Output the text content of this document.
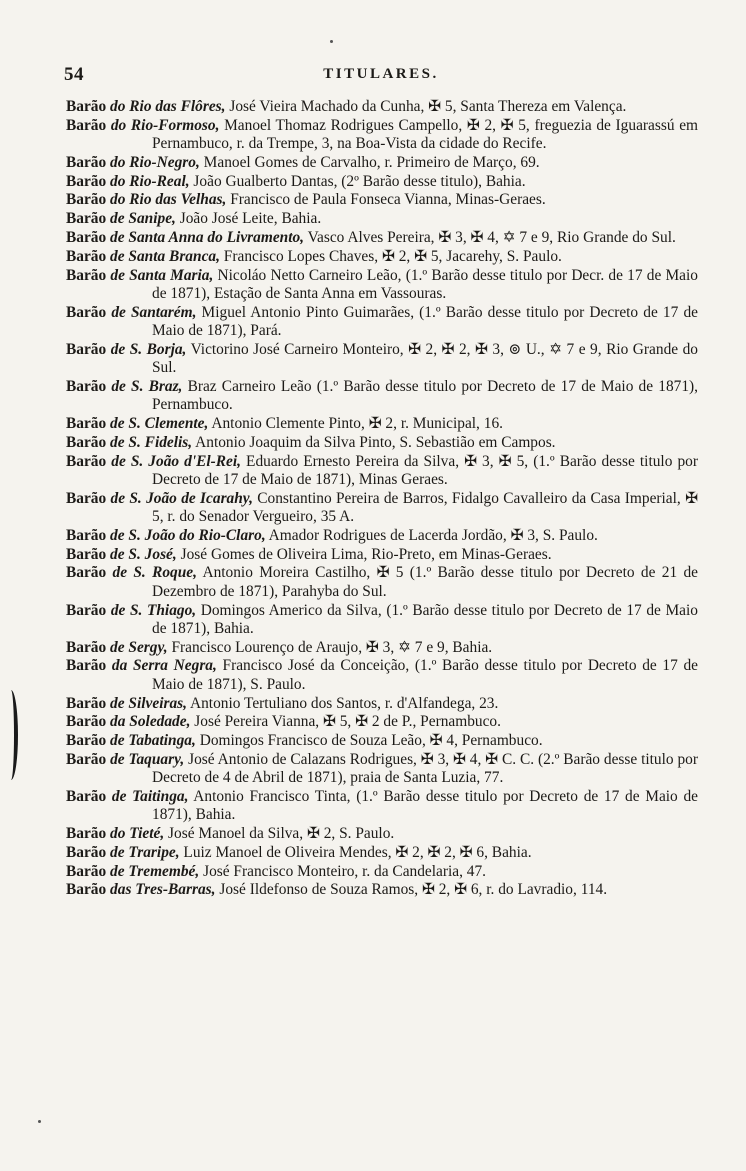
54	TITULARES.
Barão do Rio das Flôres, José Vieira Machado da Cunha, ✠ 5, Santa Thereza em Valença.
Barão do Rio-Formoso, Manoel Thomaz Rodrigues Campello, ✠ 2, ✠ 5, freguezia de Iguarassú em Pernambuco, r. da Trempe, 3, na Boa-Vista da cidade do Recife.
Barão do Rio-Negro, Manoel Gomes de Carvalho, r. Primeiro de Março, 69.
Barão do Rio-Real, João Gualberto Dantas, (2º Barão desse titulo), Bahia.
Barão do Rio das Velhas, Francisco de Paula Fonseca Vianna, Minas-Geraes.
Barão de Sanipe, João José Leite, Bahia.
Barão de Santa Anna do Livramento, Vasco Alves Pereira, ✠ 3, ✠ 4, ✡ 7 e 9, Rio Grande do Sul.
Barão de Santa Branca, Francisco Lopes Chaves, ✠ 2, ✠ 5, Jacarehy, S. Paulo.
Barão de Santa Maria, Nicoláo Netto Carneiro Leão, (1.º Barão desse titulo por Decr. de 17 de Maio de 1871), Estação de Santa Anna em Vassouras.
Barão de Santarém, Miguel Antonio Pinto Guimarães, (1.º Barão desse titulo por Decreto de 17 de Maio de 1871), Pará.
Barão de S. Borja, Victorino José Carneiro Monteiro, ✠ 2, ✠ 2, ✠ 3, ⊚ U., ✡ 7 e 9, Rio Grande do Sul.
Barão de S. Braz, Braz Carneiro Leão (1.º Barão desse titulo por Decreto de 17 de Maio de 1871), Pernambuco.
Barão de S. Clemente, Antonio Clemente Pinto, ✠ 2, r. Municipal, 16.
Barão de S. Fidelis, Antonio Joaquim da Silva Pinto, S. Sebastião em Campos.
Barão de S. João d'El-Rei, Eduardo Ernesto Pereira da Silva, ✠ 3, ✠ 5, (1.º Barão desse titulo por Decreto de 17 de Maio de 1871), Minas Geraes.
Barão de S. João de Icarahy, Constantino Pereira de Barros, Fidalgo Cavalleiro da Casa Imperial, ✠ 5, r. do Senador Vergueiro, 35 A.
Barão de S. João do Rio-Claro, Amador Rodrigues de Lacerda Jordão, ✠ 3, S. Paulo.
Barão de S. José, José Gomes de Oliveira Lima, Rio-Preto, em Minas-Geraes.
Barão de S. Roque, Antonio Moreira Castilho, ✠ 5 (1.º Barão desse titulo por Decreto de 21 de Dezembro de 1871), Parahyba do Sul.
Barão de S. Thiago, Domingos Americo da Silva, (1.º Barão desse titulo por Decreto de 17 de Maio de 1871), Bahia.
Barão de Sergy, Francisco Lourenço de Araujo, ✠ 3, ✡ 7 e 9, Bahia.
Barão da Serra Negra, Francisco José da Conceição, (1.º Barão desse titulo por Decreto de 17 de Maio de 1871), S. Paulo.
Barão de Silveiras, Antonio Tertuliano dos Santos, r. d'Alfandega, 23.
Barão da Soledade, José Pereira Vianna, ✠ 5, ✠ 2 de P., Pernambuco.
Barão de Tabatinga, Domingos Francisco de Souza Leão, ✠ 4, Pernambuco.
Barão de Taquary, José Antonio de Calazans Rodrigues, ✠ 3, ✠ 4, ✠ C. C. (2.º Barão desse titulo por Decreto de 4 de Abril de 1871), praia de Santa Luzia, 77.
Barão de Taitinga, Antonio Francisco Tinta, (1.º Barão desse titulo por Decreto de 17 de Maio de 1871), Bahia.
Barão do Tieté, José Manoel da Silva, ✠ 2, S. Paulo.
Barão de Traripe, Luiz Manoel de Oliveira Mendes, ✠ 2, ✠ 2, ✠ 6, Bahia.
Barão de Tremembé, José Francisco Monteiro, r. da Candelaria, 47.
Barão das Tres-Barras, José Ildefonso de Souza Ramos, ✠ 2, ✠ 6, r. do Lavradio, 114.
